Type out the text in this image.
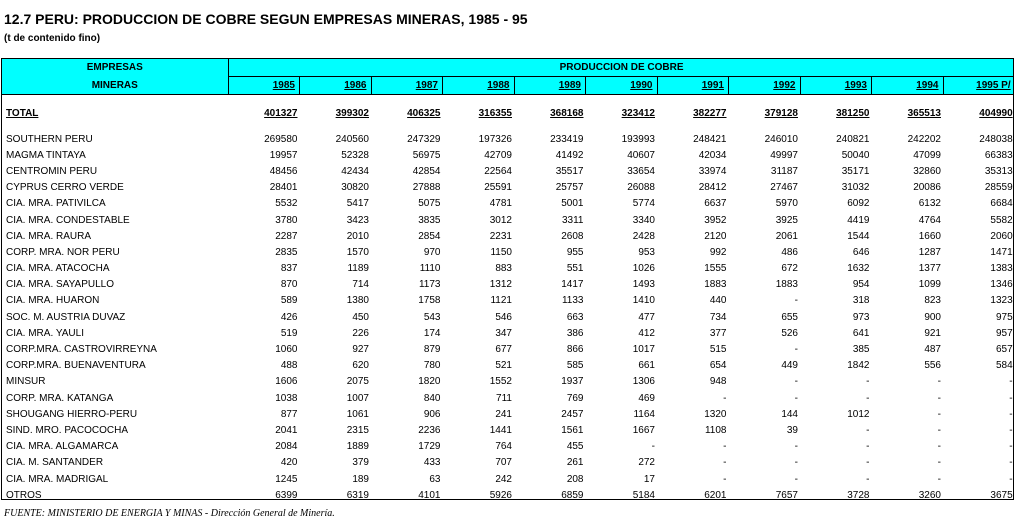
12.7 PERU: PRODUCCION DE COBRE SEGUN EMPRESAS MINERAS, 1985 - 95
(t de contenido fino)
EMPRESAS	PRODUCCION DE COBRE										
MINERAS	1985	1986	1987	1988	1989	1990	1991	1992	1993	1994	1995 P/

TOTAL	401327	399302	406325	316355	368168	323412	382277	379128	381250	365513	404990

SOUTHERN PERU	269580	240560	247329	197326	233419	193993	248421	246010	240821	242202	248038
MAGMA TINTAYA	19957	52328	56975	42709	41492	40607	42034	49997	50040	47099	66383
CENTROMIN PERU	48456	42434	42854	22564	35517	33654	33974	31187	35171	32860	35313
CYPRUS CERRO VERDE	28401	30820	27888	25591	25757	26088	28412	27467	31032	20086	28559
CIA. MRA. PATIVILCA	5532	5417	5075	4781	5001	5774	6637	5970	6092	6132	6684
CIA. MRA. CONDESTABLE	3780	3423	3835	3012	3311	3340	3952	3925	4419	4764	5582
CIA. MRA. RAURA	2287	2010	2854	2231	2608	2428	2120	2061	1544	1660	2060
CORP. MRA. NOR PERU	2835	1570	970	1150	955	953	992	486	646	1287	1471
CIA. MRA. ATACOCHA	837	1189	1110	883	551	1026	1555	672	1632	1377	1383
CIA. MRA. SAYAPULLO	870	714	1173	1312	1417	1493	1883	1883	954	1099	1346
CIA. MRA. HUARON	589	1380	1758	1121	1133	1410	440	-	318	823	1323
SOC. M. AUSTRIA DUVAZ	426	450	543	546	663	477	734	655	973	900	975
CIA. MRA. YAULI	519	226	174	347	386	412	377	526	641	921	957
CORP.MRA. CASTROVIRREYNA	1060	927	879	677	866	1017	515	-	385	487	657
CORP.MRA. BUENAVENTURA	488	620	780	521	585	661	654	449	1842	556	584
MINSUR	1606	2075	1820	1552	1937	1306	948	-	-	-	-
CORP. MRA. KATANGA	1038	1007	840	711	769	469	-	-	-	-	-
SHOUGANG HIERRO-PERU	877	1061	906	241	2457	1164	1320	144	1012	-	-
SIND. MRO. PACOCOCHA	2041	2315	2236	1441	1561	1667	1108	39	-	-	-
CIA. MRA. ALGAMARCA	2084	1889	1729	764	455	-	-	-	-	-	-
CIA. M. SANTANDER	420	379	433	707	261	272	-	-	-	-	-
CIA. MRA. MADRIGAL	1245	189	63	242	208	17	-	-	-	-	-
OTROS	6399	6319	4101	5926	6859	5184	6201	7657	3728	3260	3675
FUENTE: MINISTERIO DE ENERGIA Y MINAS - Dirección General de Minería.
